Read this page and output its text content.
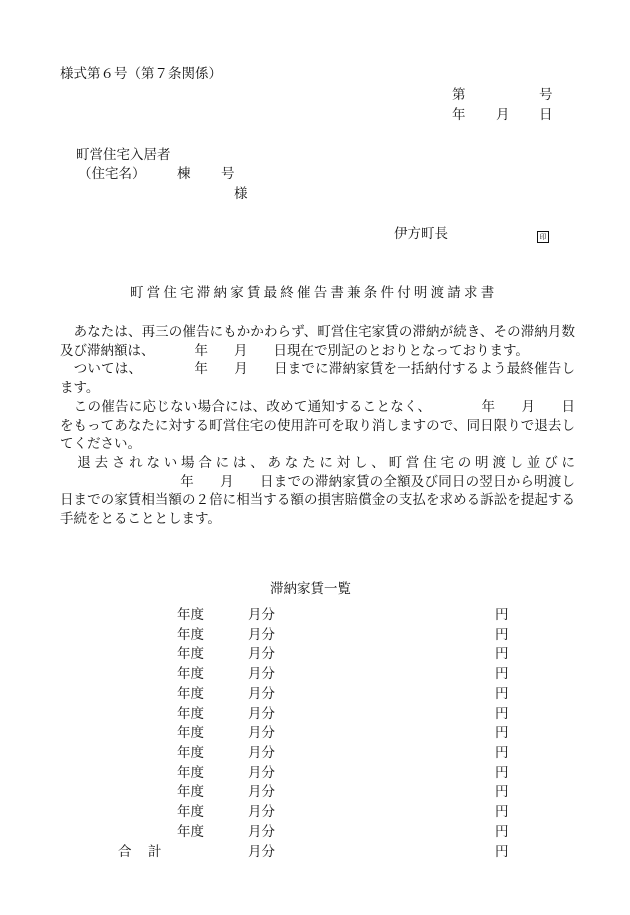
様式第６号（第７条関係）
第	号
年 月 日
町営住宅入居者
（住宅名） 棟 号
様
伊方町長	印
町営住宅滞納家賃最終催告書兼条件付明渡請求書

あなたは、再三の催告にもかかわらず、町営住宅家賃の滞納が続き、その滞納月数及び滞納額は、	年 月 日現在で別記のとおりとなっております。

ついては、	年 月 日までに滞納家賃を一括納付するよう最終催告します。

この催告に応じない場合には、改めて通知することなく、	年 月 日をもってあなたに対する町営住宅の使用許可を取り消しますので、同日限りで退去してください。

退去されない場合には、あなたに対し、町営住宅の明渡し並びに年 月 日までの滞納家賃の全額及び同日の翌日から明渡し日までの家賃相当額の２倍に相当する額の損害賠償金の支払を求める訴訟を提起する手続をとることとします。

滞納家賃一覧
年度	月分	円
年度	月分	円
年度	月分	円
年度	月分	円
年度	月分	円
年度	月分	円
年度	月分	円
年度	月分	円
年度	月分	円
年度	月分	円
年度	月分	円
年度	月分	円
合 計	月分	円
